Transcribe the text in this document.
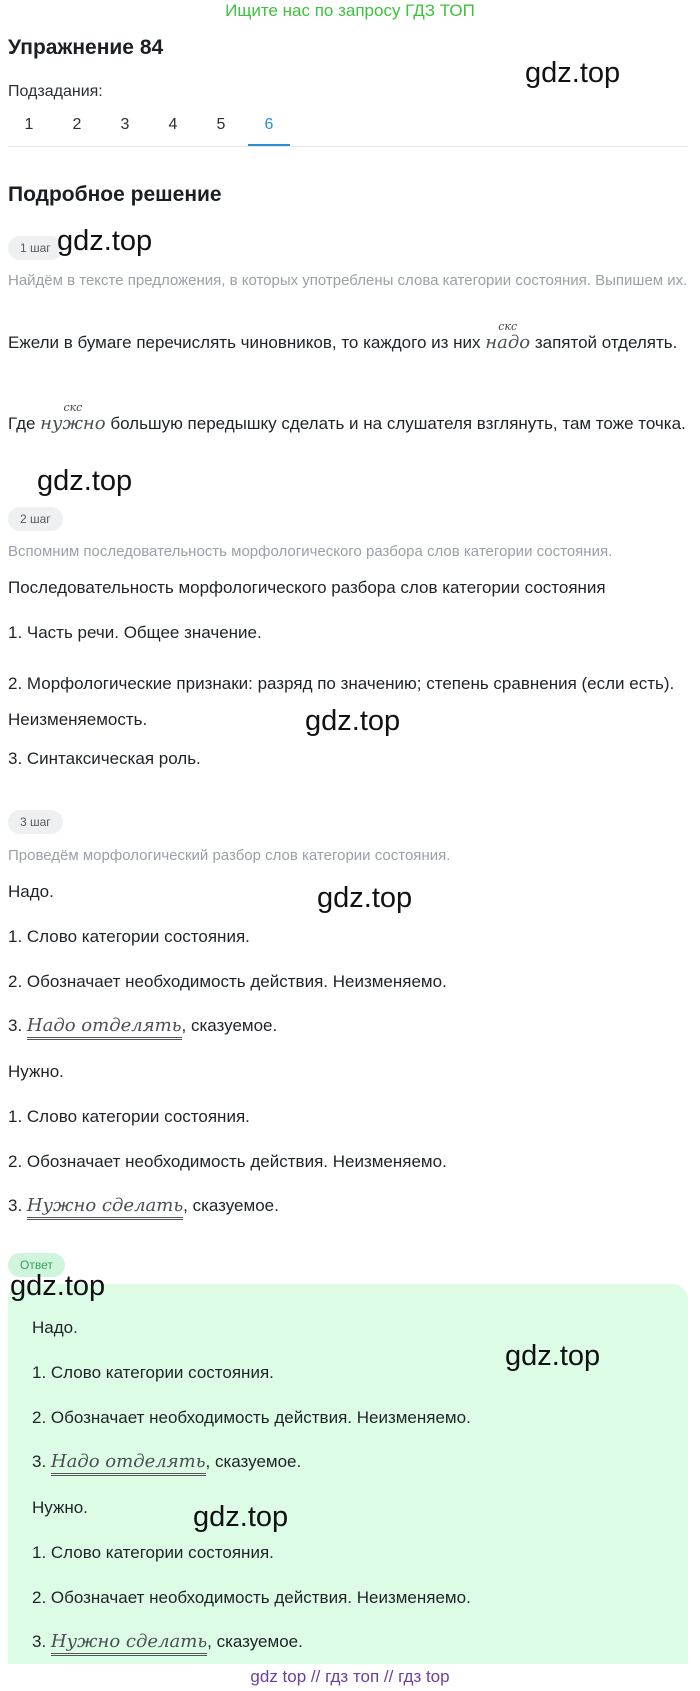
Ищите нас по запросу ГДЗ ТОП
Упражнение 84
gdz.top
Подзадания:
1	2	3	4	5	6
Подробное решение
1 шаг gdz.top
Найдём в тексте предложения, в которых употреблены слова категории состояния. Выпишем их.
Ежели в бумаге перечислять чиновников, то каждого из них
скс
надо запятой отделять.
Где
скс
нужно большую передышку сделать и на слушателя взглянуть, там тоже точка.
gdz.top
2 шаг
Вспомним последовательность морфологического разбора слов категории состояния.
Последовательность морфологического разбора слов категории состояния
1. Часть речи. Общее значение.
2. Морфологические признаки: разряд по значению; степень сравнения (если есть). Неизменяемость.	gdz.top
3. Синтаксическая роль.
3 шаг
Проведём морфологический разбор слов категории состояния.
Надо.	gdz.top
1. Слово категории состояния.
2. Обозначает необходимость действия. Неизменяемо.
3. Надо отделять, сказуемое.
Нужно.
1. Слово категории состояния.
2. Обозначает необходимость действия. Неизменяемо.
3. Нужно сделать, сказуемое.
Ответ
gdz.top
Надо.
gdz.top
1. Слово категории состояния.
2. Обозначает необходимость действия. Неизменяемо.
3. Надо отделять, сказуемое.
Нужно.	gdz.top
1. Слово категории состояния.
2. Обозначает необходимость действия. Неизменяемо.
3. Нужно сделать, сказуемое.
gdz top // гдз топ // гдз top
